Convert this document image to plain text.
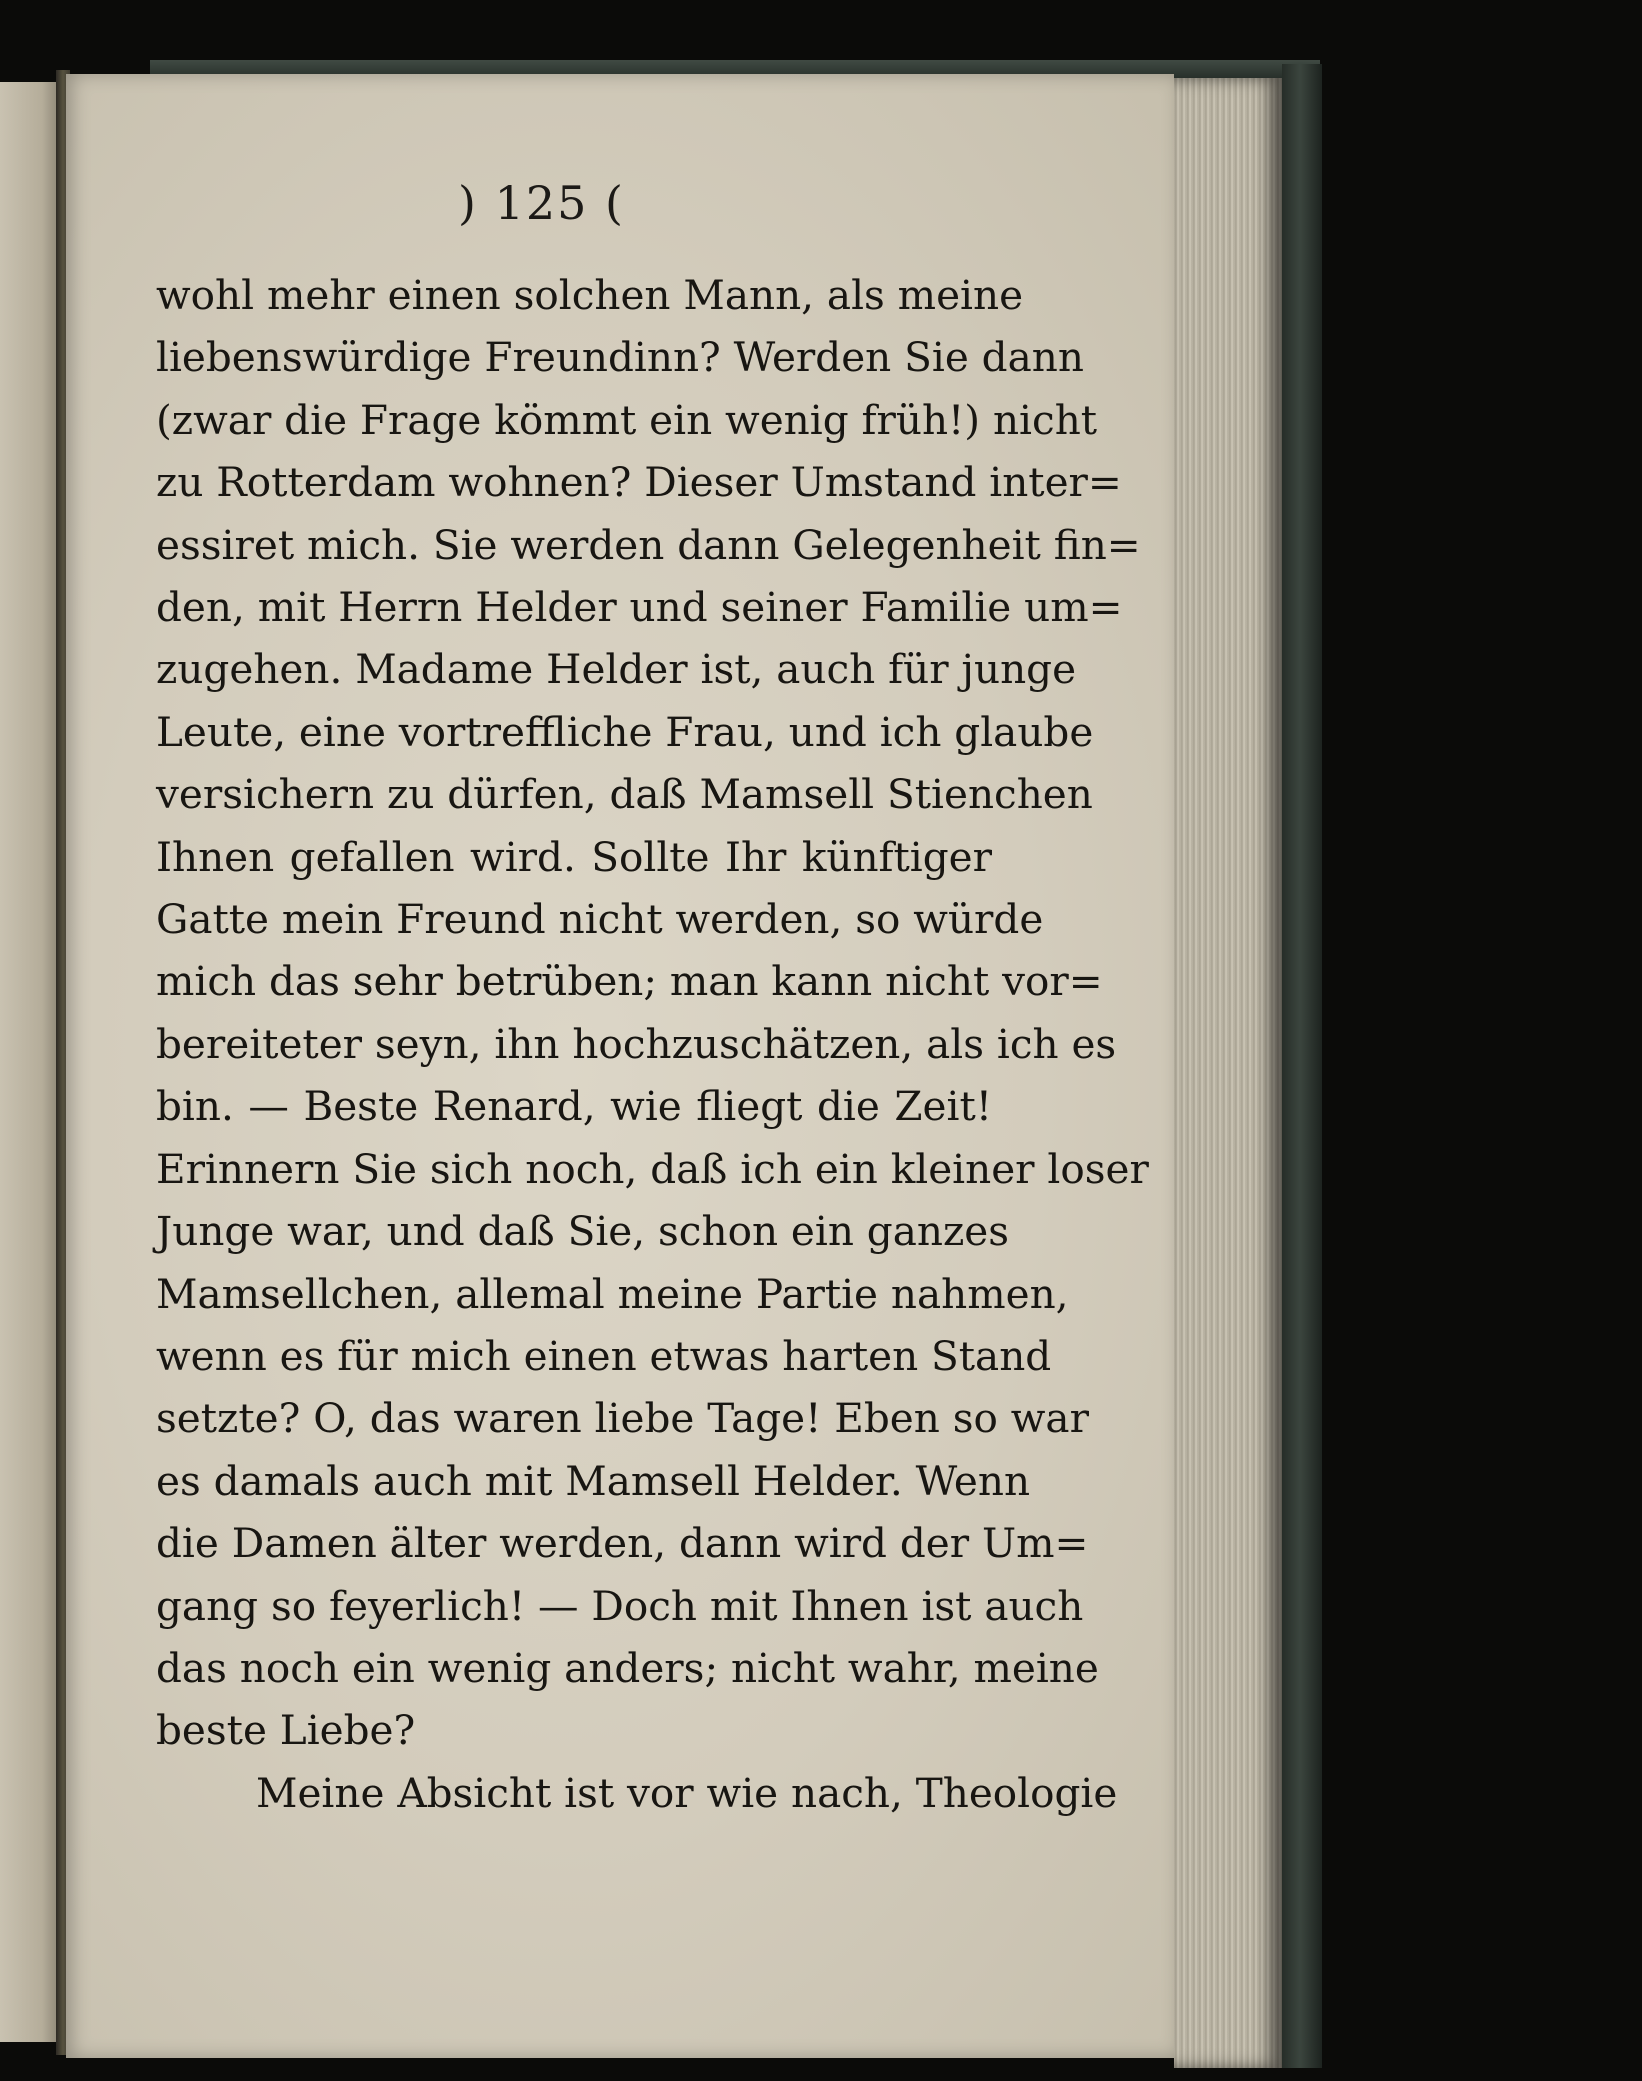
) 125 (
wohl mehr einen solchen Mann, als meine
liebenswürdige Freundinn? Werden Sie dann
(zwar die Frage kömmt ein wenig früh!) nicht
zu Rotterdam wohnen? Dieser Umstand inter=
essiret mich. Sie werden dann Gelegenheit fin=
den, mit Herrn Helder und seiner Familie um=
zugehen. Madame Helder ist, auch für junge
Leute, eine vortreffliche Frau, und ich glaube
versichern zu dürfen, daß Mamsell Stienchen
Ihnen gefallen wird. Sollte Ihr künftiger
Gatte mein Freund nicht werden, so würde
mich das sehr betrüben; man kann nicht vor=
bereiteter seyn, ihn hochzuschätzen, als ich es
bin. — Beste Renard, wie fliegt die Zeit!
Erinnern Sie sich noch, daß ich ein kleiner loser
Junge war, und daß Sie, schon ein ganzes
Mamsellchen, allemal meine Partie nahmen,
wenn es für mich einen etwas harten Stand
setzte? O, das waren liebe Tage! Eben so war
es damals auch mit Mamsell Helder. Wenn
die Damen älter werden, dann wird der Um=
gang so feyerlich! — Doch mit Ihnen ist auch
das noch ein wenig anders; nicht wahr, meine
beste Liebe?
Meine Absicht ist vor wie nach, Theologie
